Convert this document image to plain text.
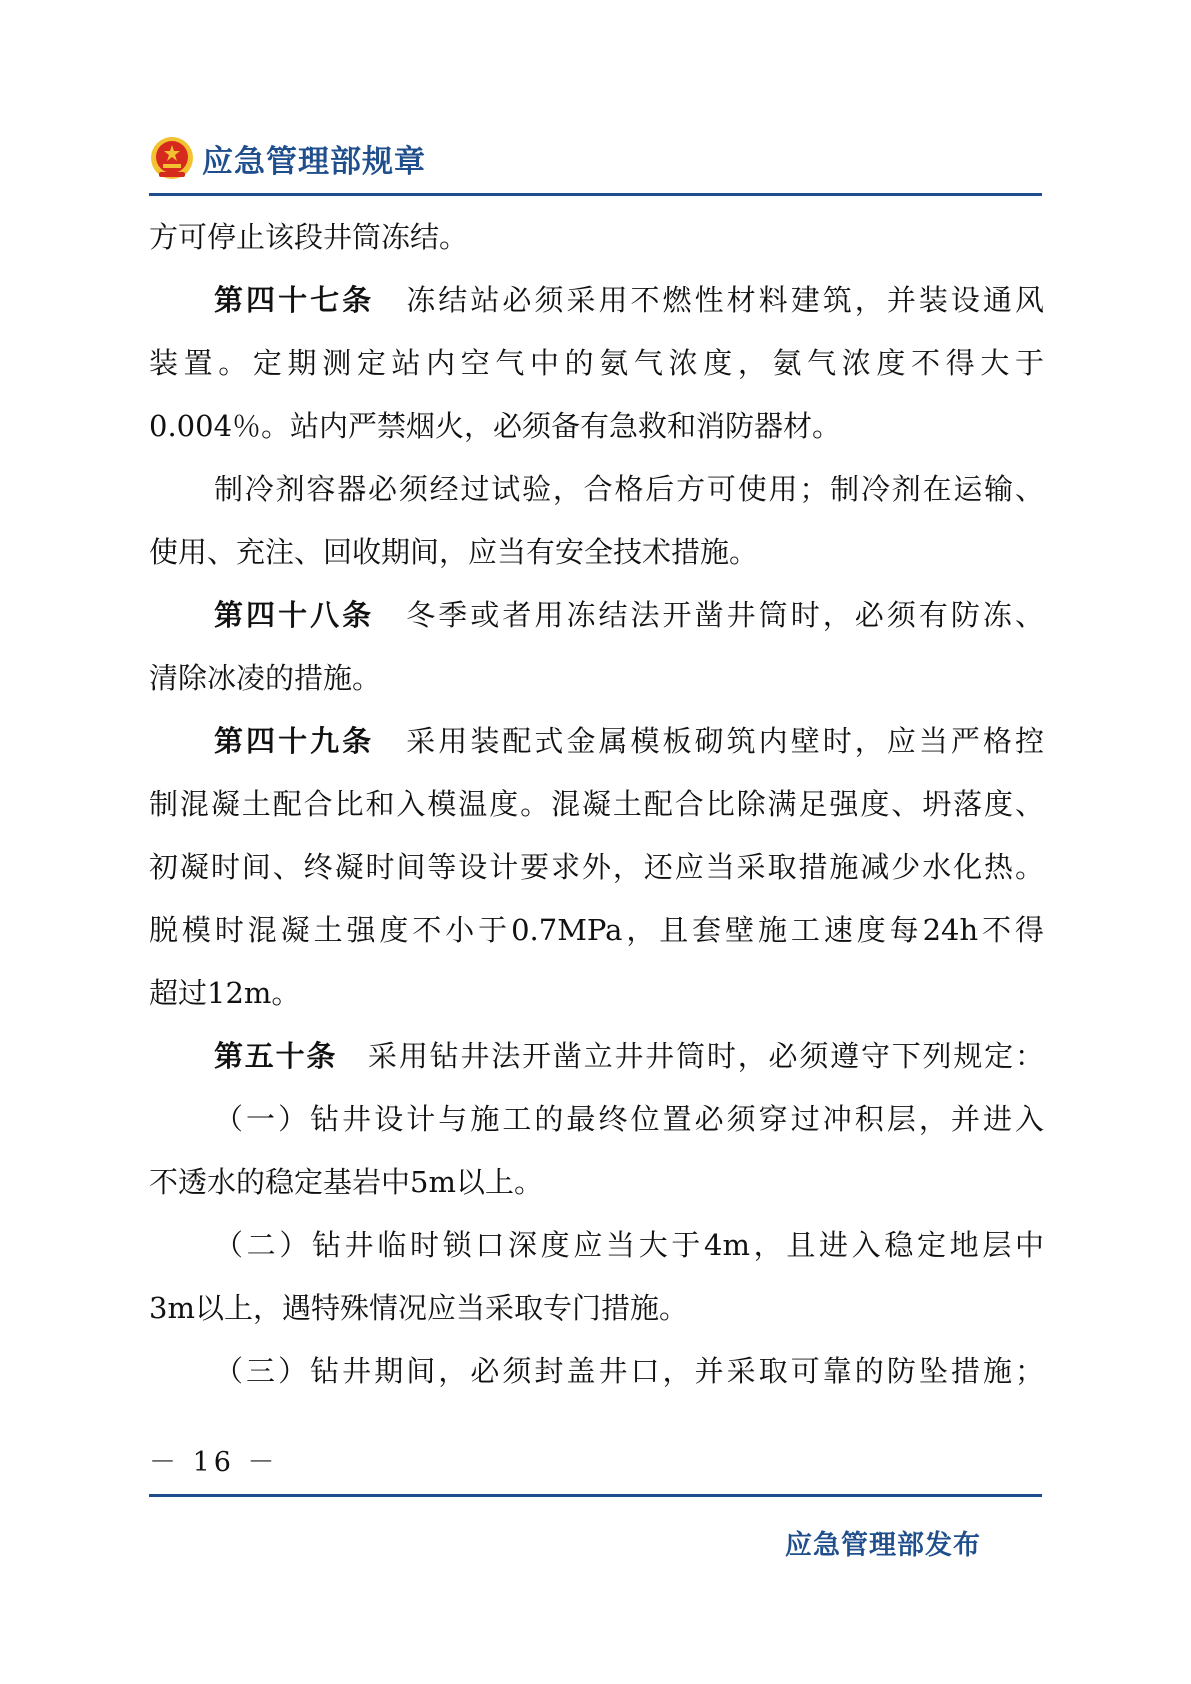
应急管理部规章
方可停止该段井筒冻结。
第四十七条　 冻结站必须采用不燃性材料建筑，并装设通风
装置。定期测定站内空气中的氨气浓度，氨气浓度不得大于
0.004％。站内严禁烟火，必须备有急救和消防器材。
制冷剂容器必须经过试验，合格后方可使用；制冷剂在运输、
使用、充注、回收期间，应当有安全技术措施。
第四十八条　 冬季或者用冻结法开凿井筒时，必须有防冻、
清除冰凌的措施。
第四十九条　 采用装配式金属模板砌筑内壁时，应当严格控
制混凝土配合比和入模温度。混凝土配合比除满足强度、坍落度、
初凝时间、终凝时间等设计要求外，还应当采取措施减少水化热。
脱模时混凝土强度不小于0.7MPa，且套壁施工速度每24h不得
超过12m。
第五十条　 采用钻井法开凿立井井筒时，必须遵守下列规定：
（一）钻井设计与施工的最终位置必须穿过冲积层，并进入
不透水的稳定基岩中5m以上。
（二）钻井临时锁口深度应当大于4m，且进入稳定地层中
3m以上，遇特殊情况应当采取专门措施。
（三）钻井期间，必须封盖井口，并采取可靠的防坠措施；
－ 16 －
应急管理部发布
